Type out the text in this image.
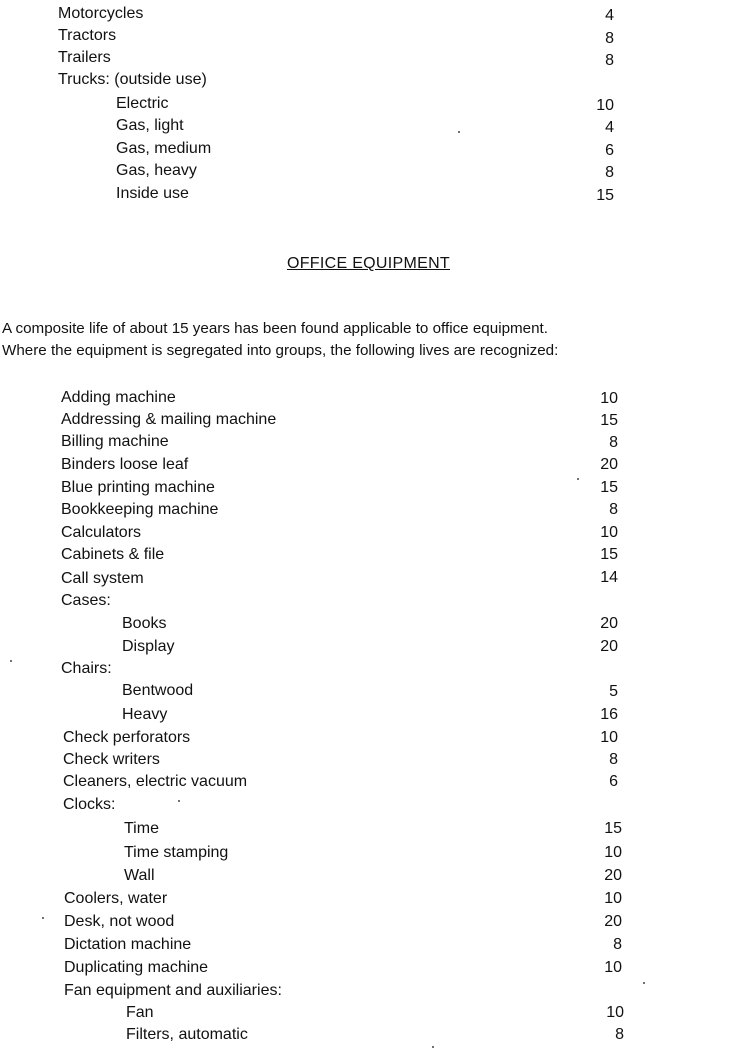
Motorcycles	4
Tractors	8
Trailers	8
Trucks: (outside use)
Electric	10
Gas, light	4
Gas, medium	6
Gas, heavy	8
Inside use	15
OFFICE EQUIPMENT
A composite life of about 15 years has been found applicable to office equipment.
Where the equipment is segregated into groups, the following lives are recognized:
Adding machine	10
Addressing & mailing machine	15
Billing machine	8
Binders loose leaf	20
Blue printing machine	15
Bookkeeping machine	8
Calculators	10
Cabinets & file	15
Call system	14
Cases:
Books	20
Display	20
Chairs:
Bentwood	5
Heavy	16
Check perforators	10
Check writers	8
Cleaners, electric vacuum	6
Clocks:
Time	15
Time stamping	10
Wall	20
Coolers, water	10
Desk, not wood	20
Dictation machine	8
Duplicating machine	10
Fan equipment and auxiliaries:
Fan	10
Filters, automatic	8
